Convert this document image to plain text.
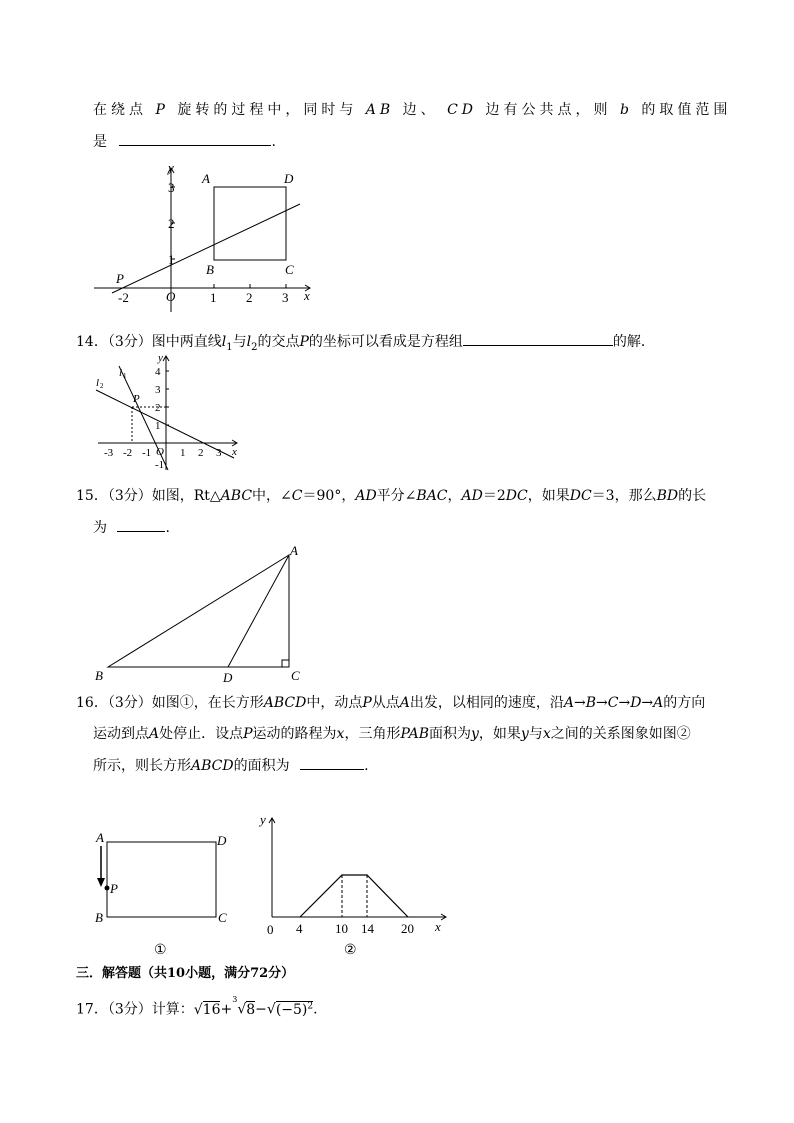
在绕点 P 旋转的过程中，同时与 AB 边、 CD 边有公共点，则 b 的取值范围
是	.
y
x
O
-2	1 2 3
1
2
3
A	D
B	C
P
14．（3分）图中两直线$l_1$与$l_2$的交点P的坐标可以看成是方程组	的解．
y
x
O
-3 -2 -1	1 2 3
1
2
3
4
-1
P
l 1
l 2
15．（3分）如图，Rt△ABC中，∠C＝90°，AD平分∠BAC，AD＝2DC，如果DC＝3，那么BD的长
为	.
A
B	C
D
16．（3分）如图①，在长方形ABCD中，动点P从点A出发，以相同的速度，沿A→B→C→D→A的方向
运动到点A处停止．设点P运动的路程为x，三角形PAB面积为y，如果y与x之间的关系图象如图②
所示，则长方形ABCD的面积为	.
A	D
P
B	C
①
y
x
0 4	10 14 20
②
三．解答题（共10小题，满分72分）
17．（3分）计算：$√16+^3√8-√(-5)^2$.
